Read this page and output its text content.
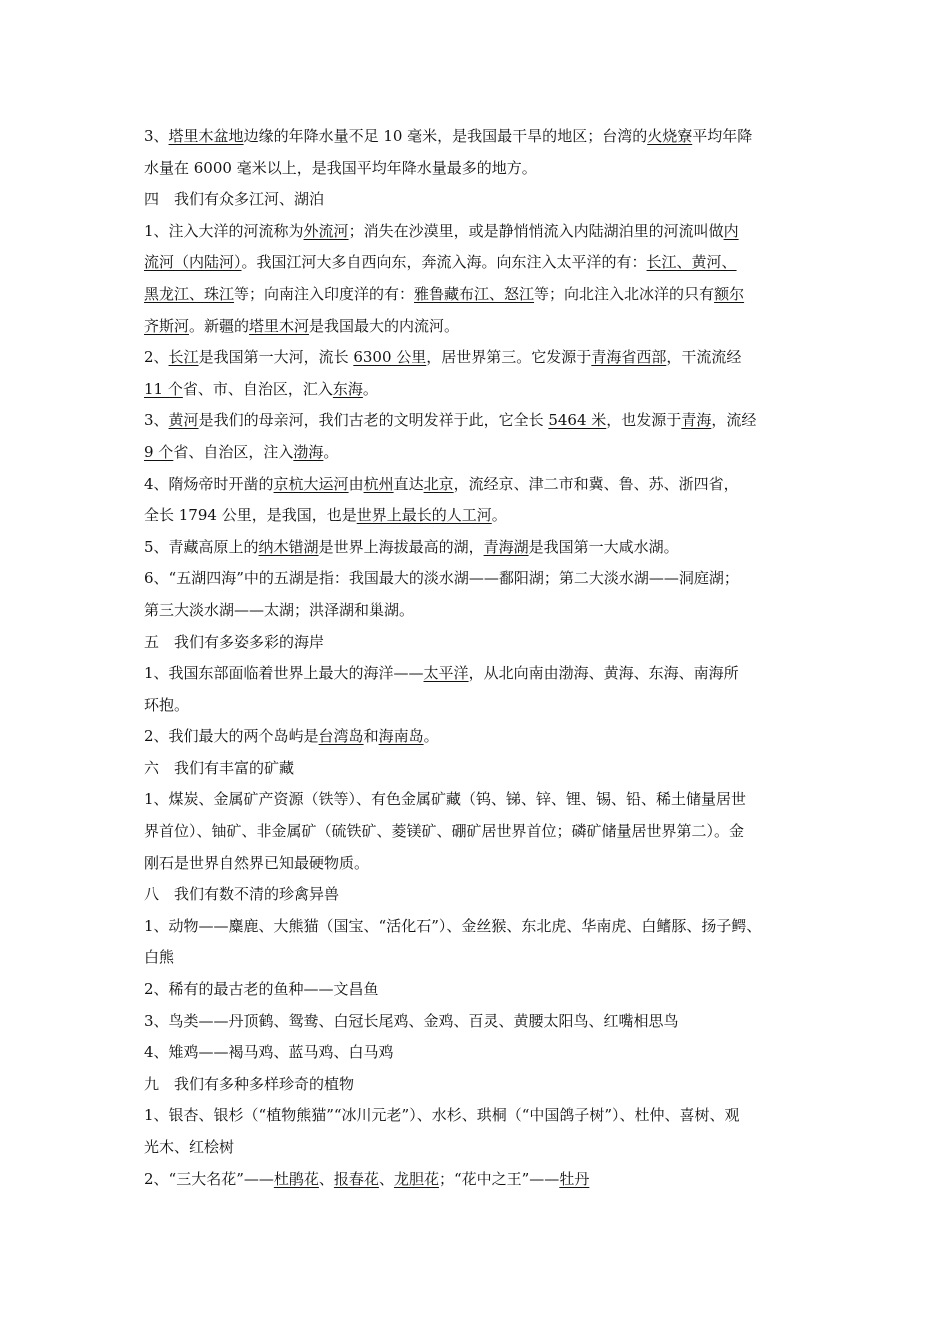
3、塔里木盆地边缘的年降水量不足 10 毫米，是我国最干旱的地区；台湾的火烧寮平均年降
水量在 6000 毫米以上，是我国平均年降水量最多的地方。
四　我们有众多江河、湖泊
1、注入大洋的河流称为外流河；消失在沙漠里，或是静悄悄流入内陆湖泊里的河流叫做内
流河（内陆河）。我国江河大多自西向东，奔流入海。向东注入太平洋的有：长江、黄河、
黑龙江、珠江等；向南注入印度洋的有：雅鲁藏布江、怒江等；向北注入北冰洋的只有额尔
齐斯河。新疆的塔里木河是我国最大的内流河。
2、长江是我国第一大河，流长 6300 公里，居世界第三。它发源于青海省西部，干流流经
11 个省、市、自治区，汇入东海。
3、黄河是我们的母亲河，我们古老的文明发祥于此，它全长 5464 米，也发源于青海，流经
9 个省、自治区，注入渤海。
4、隋炀帝时开凿的京杭大运河由杭州直达北京，流经京、津二市和冀、鲁、苏、浙四省，
全长 1794 公里，是我国，也是世界上最长的人工河。
5、青藏高原上的纳木错湖是世界上海拔最高的湖，青海湖是我国第一大咸水湖。
6、“五湖四海”中的五湖是指：我国最大的淡水湖——鄱阳湖；第二大淡水湖——洞庭湖；
第三大淡水湖——太湖；洪泽湖和巢湖。
五　我们有多姿多彩的海岸
1、我国东部面临着世界上最大的海洋——太平洋，从北向南由渤海、黄海、东海、南海所
环抱。
2、我们最大的两个岛屿是台湾岛和海南岛。
六　我们有丰富的矿藏
1、煤炭、金属矿产资源（铁等）、有色金属矿藏（钨、锑、锌、锂、锡、铅、稀土储量居世
界首位）、铀矿、非金属矿（硫铁矿、菱镁矿、硼矿居世界首位；磷矿储量居世界第二）。金
刚石是世界自然界已知最硬物质。
八　我们有数不清的珍禽异兽
1、动物——麋鹿、大熊猫（国宝、“活化石”）、金丝猴、东北虎、华南虎、白鳍豚、扬子鳄、
白熊
2、稀有的最古老的鱼种——文昌鱼
3、鸟类——丹顶鹤、鸳鸯、白冠长尾鸡、金鸡、百灵、黄腰太阳鸟、红嘴相思鸟
4、雉鸡——褐马鸡、蓝马鸡、白马鸡
九　我们有多种多样珍奇的植物
1、银杏、银杉（“植物熊猫”“冰川元老”）、水杉、珙桐（“中国鸽子树”）、杜仲、喜树、观
光木、红桧树
2、“三大名花”——杜鹃花、报春花、龙胆花；“花中之王”——牡丹
